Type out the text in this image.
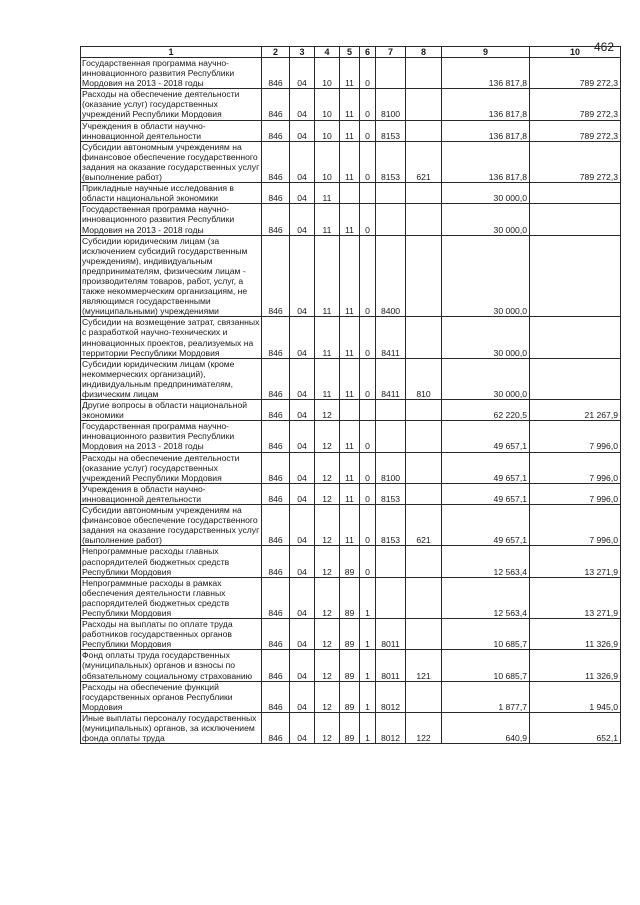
462
1	2	3	4	5	6	7	8	9	10
Государственная программа научно-инновационного развития Республики Мордовия на 2013 - 2018 годы	846	04	10	11	0			136 817,8	789 272,3
Расходы на обеспечение деятельности (оказание услуг) государственных учреждений Республики Мордовия	846	04	10	11	0	8100		136 817,8	789 272,3
Учреждения в области научно-инновационной деятельности	846	04	10	11	0	8153		136 817,8	789 272,3
Субсидии автономным учреждениям на финансовое обеспечение государственного задания на оказание государственных услуг (выполнение работ)	846	04	10	11	0	8153	621	136 817,8	789 272,3
Прикладные научные исследования в области национальной экономики	846	04	11					30 000,0	
Государственная программа научно-инновационного развития Республики Мордовия на 2013 - 2018 годы	846	04	11	11	0			30 000,0	
Субсидии юридическим лицам (за исключением субсидий государственным учреждениям), индивидуальным предпринимателям, физическим лицам - производителям товаров, работ, услуг, а также некоммерческим организациям, не являющимся государственными (муниципальными) учреждениями	846	04	11	11	0	8400		30 000,0	
Субсидии на возмещение затрат, связанных с разработкой научно-технических и инновационных проектов, реализуемых на территории Республики Мордовия	846	04	11	11	0	8411		30 000,0	
Субсидии юридическим лицам (кроме некоммерческих организаций), индивидуальным предпринимателям, физическим лицам	846	04	11	11	0	8411	810	30 000,0	
Другие вопросы в области национальной экономики	846	04	12					62 220,5	21 267,9
Государственная программа научно-инновационного развития Республики Мордовия на 2013 - 2018 годы	846	04	12	11	0			49 657,1	7 996,0
Расходы на обеспечение деятельности (оказание услуг) государственных учреждений Республики Мордовия	846	04	12	11	0	8100		49 657,1	7 996,0
Учреждения в области научно-инновационной деятельности	846	04	12	11	0	8153		49 657,1	7 996,0
Субсидии автономным учреждениям на финансовое обеспечение государственного задания на оказание государственных услуг (выполнение работ)	846	04	12	11	0	8153	621	49 657,1	7 996,0
Непрограммные расходы главных распорядителей бюджетных средств Республики Мордовия	846	04	12	89	0			12 563,4	13 271,9
Непрограммные расходы в рамках обеспечения деятельности главных распорядителей бюджетных средств Республики Мордовия	846	04	12	89	1			12 563,4	13 271,9
Расходы на выплаты по оплате труда работников государственных органов Республики Мордовия	846	04	12	89	1	8011		10 685,7	11 326,9
Фонд оплаты труда государственных (муниципальных) органов и взносы по обязательному социальному страхованию	846	04	12	89	1	8011	121	10 685,7	11 326,9
Расходы на обеспечение функций государственных органов Республики Мордовия	846	04	12	89	1	8012		1 877,7	1 945,0
Иные выплаты персоналу государственных (муниципальных) органов, за исключением фонда оплаты труда	846	04	12	89	1	8012	122	640,9	652,1
